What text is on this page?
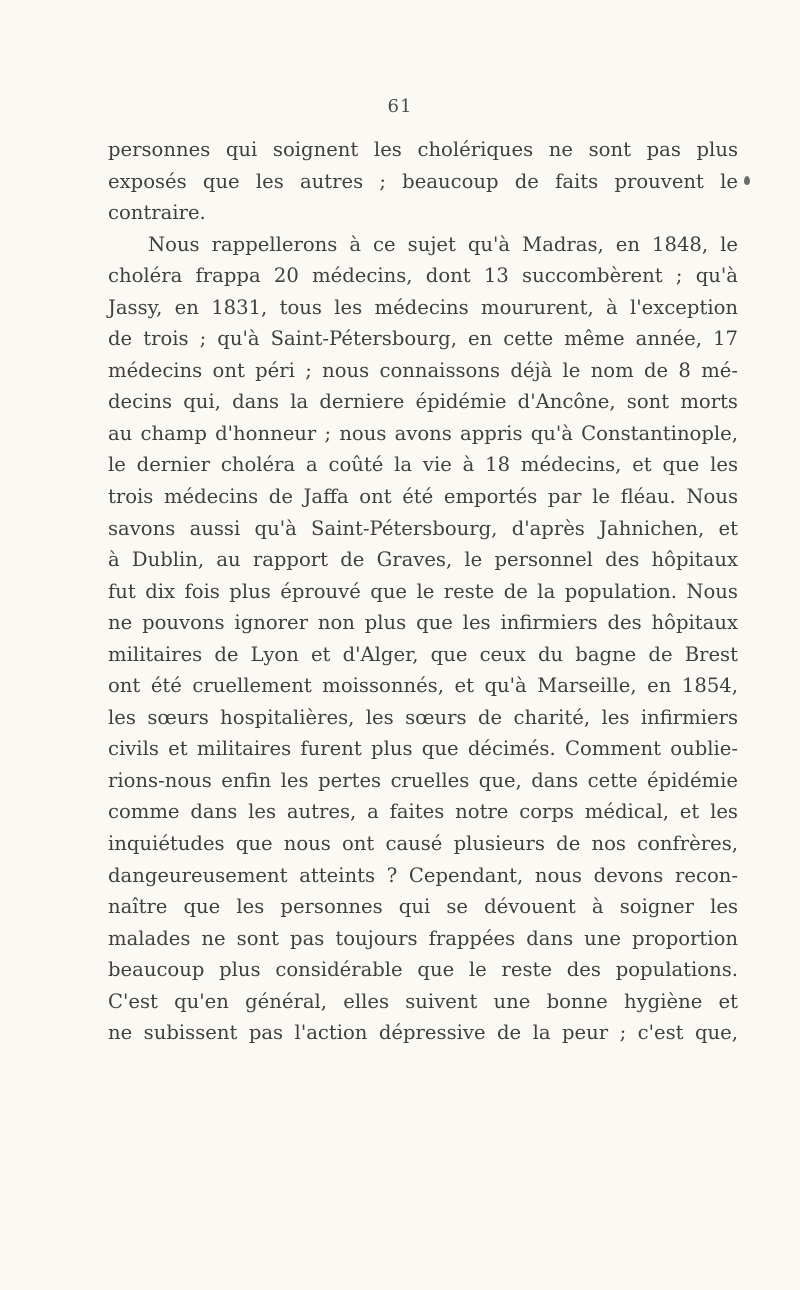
61
personnes qui soignent les cholériques ne sont pas plus
exposés que les autres ; beaucoup de faits prouvent le
contraire.
Nous rappellerons à ce sujet qu'à Madras, en 1848, le
choléra frappa 20 médecins, dont 13 succombèrent ; qu'à
Jassy, en 1831, tous les médecins moururent, à l'exception
de trois ; qu'à Saint-Pétersbourg, en cette même année, 17
médecins ont péri ; nous connaissons déjà le nom de 8 mé-
decins qui, dans la derniere épidémie d'Ancône, sont morts
au champ d'honneur ; nous avons appris qu'à Constantinople,
le dernier choléra a coûté la vie à 18 médecins, et que les
trois médecins de Jaffa ont été emportés par le fléau. Nous
savons aussi qu'à Saint-Pétersbourg, d'après Jahnichen, et
à Dublin, au rapport de Graves, le personnel des hôpitaux
fut dix fois plus éprouvé que le reste de la population. Nous
ne pouvons ignorer non plus que les infirmiers des hôpitaux
militaires de Lyon et d'Alger, que ceux du bagne de Brest
ont été cruellement moissonnés, et qu'à Marseille, en 1854,
les sœurs hospitalières, les sœurs de charité, les infirmiers
civils et militaires furent plus que décimés. Comment oublie-
rions-nous enfin les pertes cruelles que, dans cette épidémie
comme dans les autres, a faites notre corps médical, et les
inquiétudes que nous ont causé plusieurs de nos confrères,
dangeureusement atteints ? Cependant, nous devons recon-
naître que les personnes qui se dévouent à soigner les
malades ne sont pas toujours frappées dans une proportion
beaucoup plus considérable que le reste des populations.
C'est qu'en général, elles suivent une bonne hygiène et
ne subissent pas l'action dépressive de la peur ; c'est que,
